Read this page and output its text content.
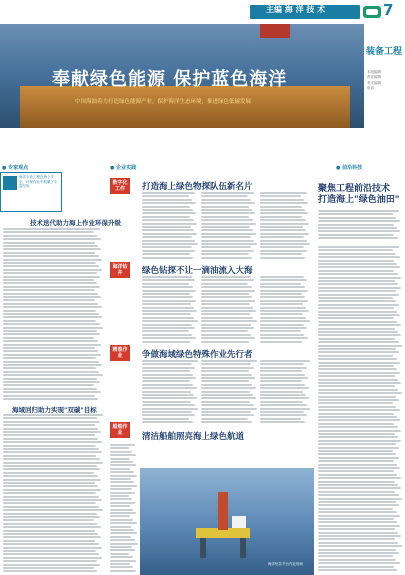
主编 海 洋 技 术	7
奉献绿色能源 保护蓝色海洋
中国海油着力打造绿色能源产业，保护海洋生态环境，推进绿色低碳发展
装备工程
本版编辑
责任编辑
美术编辑
电话
● 专家观点	● 企业实践	● 前沿科技
海洋石油工程在海上安全、环保作业中积累了丰富经验
技术迭代助力海上作业环保升级
海域回归助力实现"双碳"目标
数字化工作
海洋钻井
精准作业
船舶作业
打造海上绿色物探队伍新名片
绿色钻探不让一滴油流入大海
争做海域绿色特殊作业先行者
清洁船舶照亮海上绿色航道
聚焦工程前沿技术
打造海上"绿色油田"
海洋钻井平台作业现场
